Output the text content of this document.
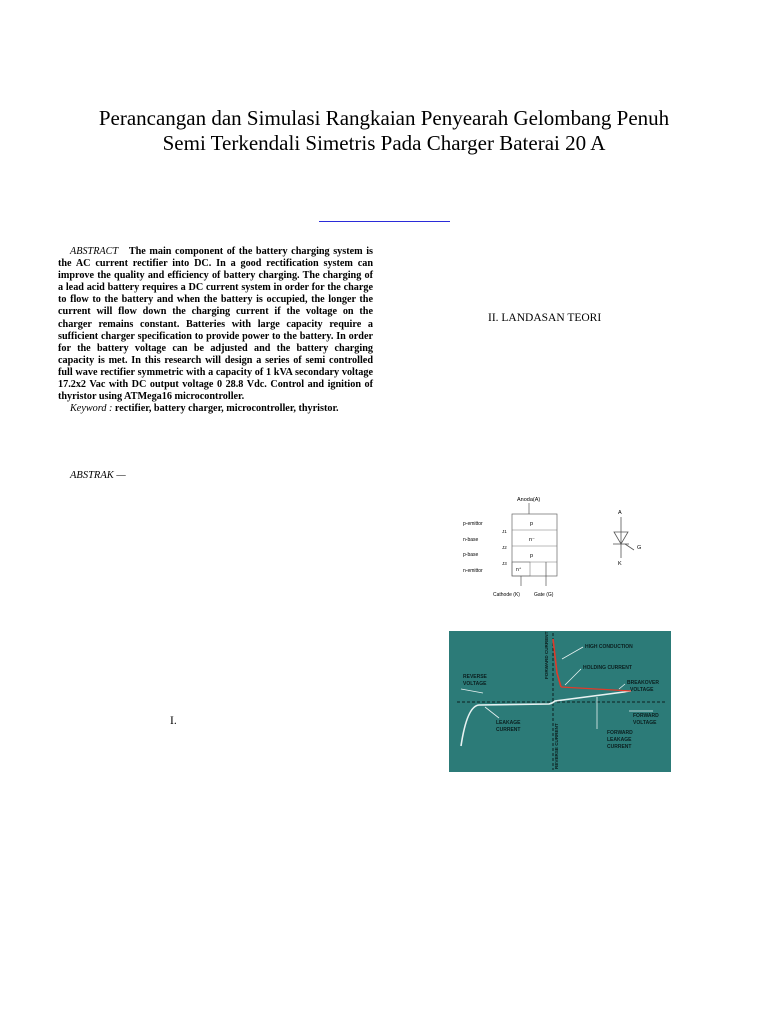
Perancangan dan Simulasi Rangkaian Penyearah Gelombang Penuh
Semi Terkendali Simetris Pada Charger Baterai 20 A

ABSTRACT The main component of the battery charging system is the AC current rectifier into DC. In a good rectification system can improve the quality and efficiency of battery charging. The charging of a lead acid battery requires a DC current system in order for the charge to flow to the battery and when the battery is occupied, the longer the current will flow down the charging current if the voltage on the charger remains constant. Batteries with large capacity require a sufficient charger specification to provide power to the battery. In order for the battery voltage can be adjusted and the battery charging capacity is met. In this research will design a series of semi controlled full wave rectifier symmetric with a capacity of 1 kVA secondary voltage 17.2x2 Vac with DC output voltage 0 28.8 Vdc. Control and ignition of thyristor using ATMega16 microcontroller.

Keyword : rectifier, battery charger, microcontroller, thyristor.

ABSTRAK —
I.
II. LANDASAN TEORI
Anoda(A)
p
n⁻
p
n⁺
p-emittor
n-base
p-base
n-emittor
J1
J2
J3
Cathode (K)	Gate (G)
A
K
G
FORWARD CURRENT
REVERSE CURRENT
HIGH CONDUCTION
HOLDING CURRENT
BREAKOVER
VOLTAGE
REVERSE
VOLTAGE
FORWARD
VOLTAGE
LEAKAGE
CURRENT	FORWARD
LEAKAGE
CURRENT
